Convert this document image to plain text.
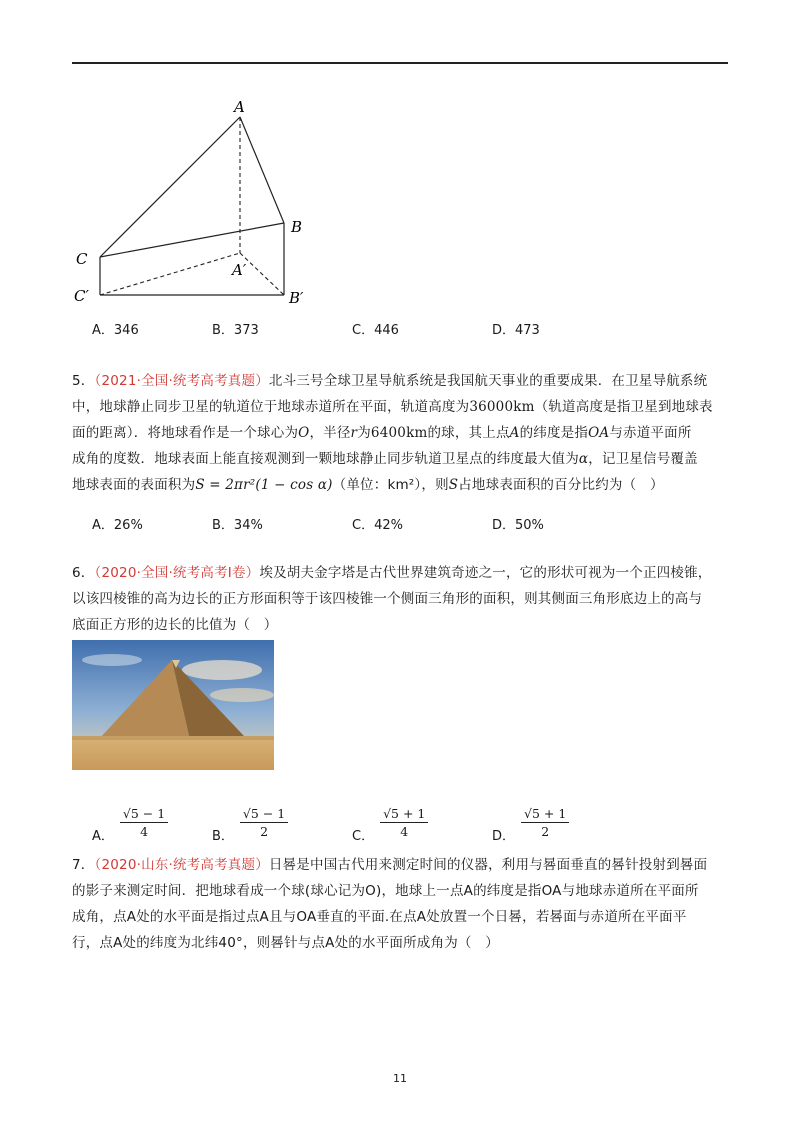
A
B
C
A′
B′
C′
A．346	B．373	C．446	D．473
5．（2021·全国·统考高考真题）北斗三号全球卫星导航系统是我国航天事业的重要成果．在卫星导航系统
中，地球静止同步卫星的轨道位于地球赤道所在平面，轨道高度为36000km（轨道高度是指卫星到地球表
面的距离）．将地球看作是一个球心为O，半径r为6400km的球，其上点A的纬度是指OA与赤道平面所
成角的度数．地球表面上能直接观测到一颗地球静止同步轨道卫星点的纬度最大值为α，记卫星信号覆盖
地球表面的表面积为S = 2πr²(1 − cos α)（单位：km²），则S占地球表面积的百分比约为（　）
A．26%	B．34%	C．42%	D．50%
6．（2020·全国·统考高考Ⅰ卷）埃及胡夫金字塔是古代世界建筑奇迹之一，它的形状可视为一个正四棱锥，
以该四棱锥的高为边长的正方形面积等于该四棱锥一个侧面三角形的面积，则其侧面三角形底边上的高与
底面正方形的边长的比值为（　）
A． $\frac{√5 - 1}{4}$	B． $\frac{√5 - 1}{2}$	C． $\frac{√5 + 1}{4}$	D． $\frac{√5 + 1}{2}$
7．（2020·山东·统考高考真题）日晷是中国古代用来测定时间的仪器，利用与晷面垂直的晷针投射到晷面
的影子来测定时间．把地球看成一个球(球心记为O)，地球上一点A的纬度是指OA与地球赤道所在平面所
成角，点A处的水平面是指过点A且与OA垂直的平面.在点A处放置一个日晷，若晷面与赤道所在平面平
行，点A处的纬度为北纬40°，则晷针与点A处的水平面所成角为（　）
11
